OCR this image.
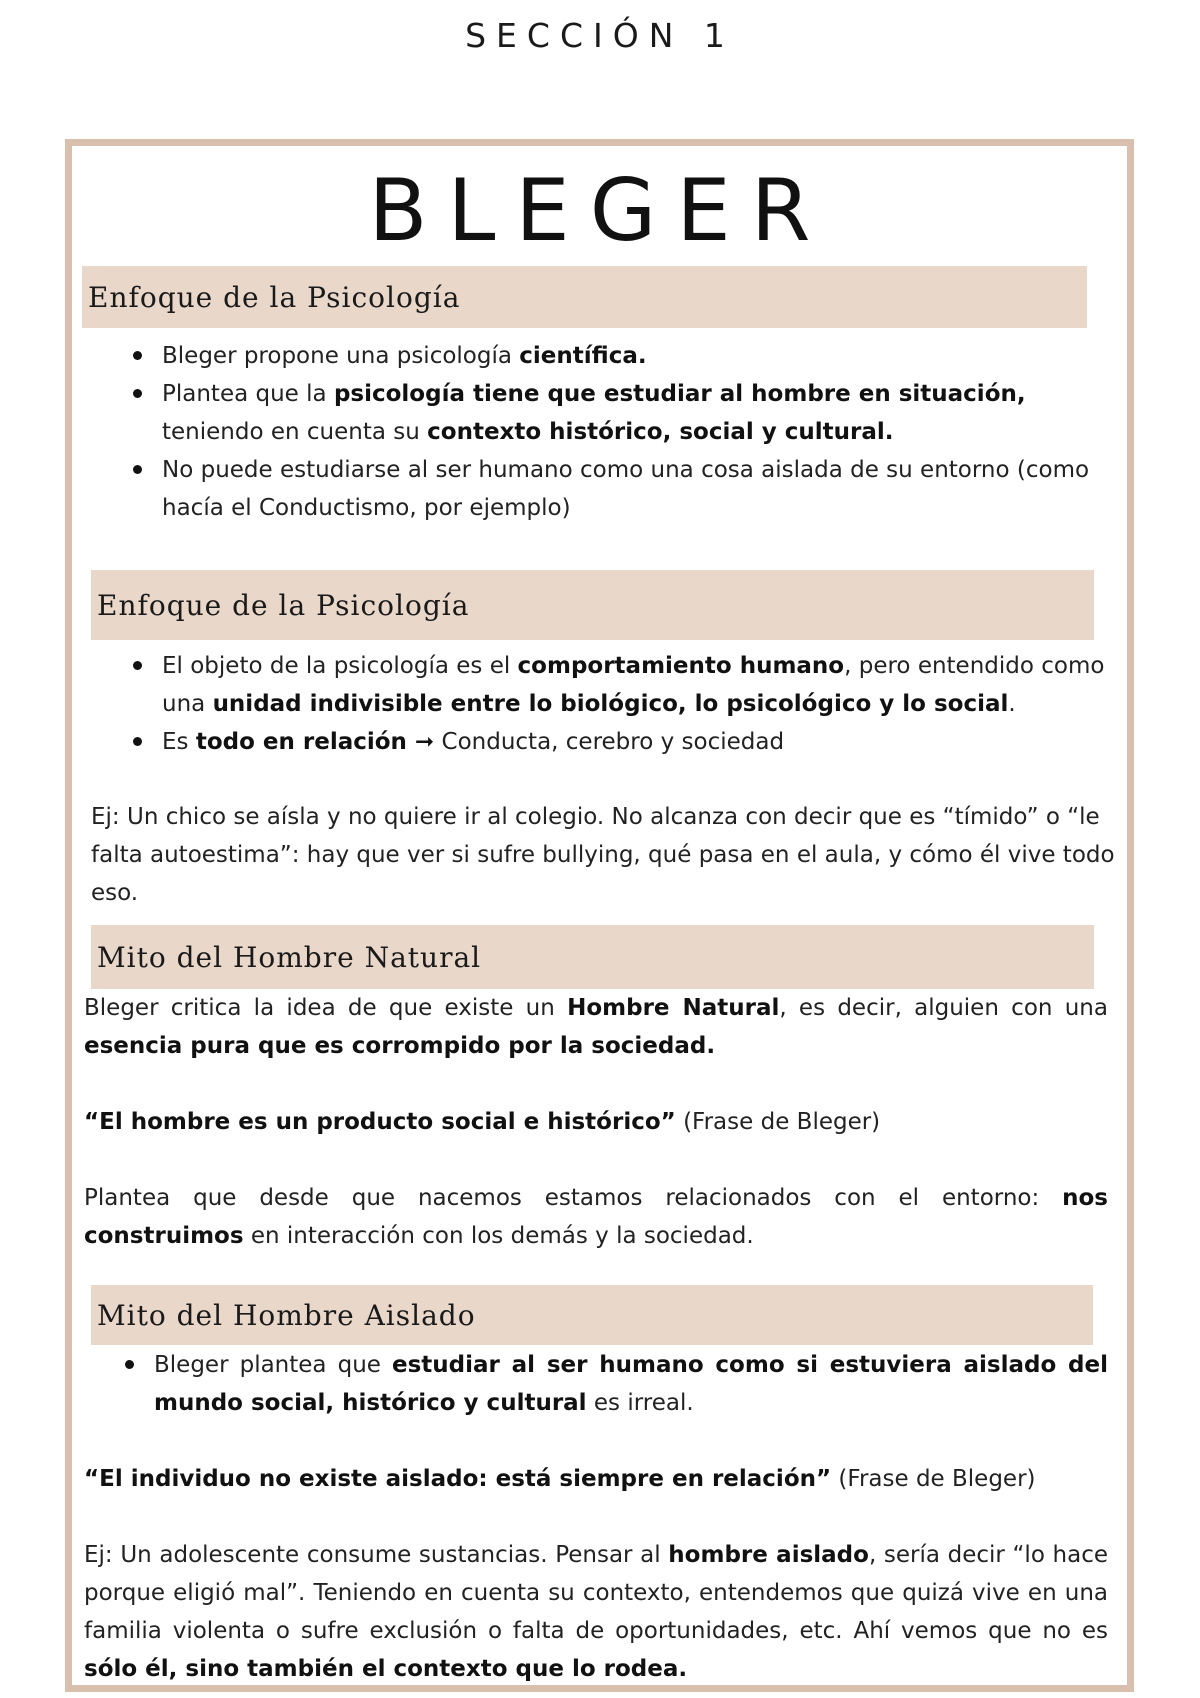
SECCIÓN 1
BLEGER
Enfoque de la Psicología
Bleger propone una psicología científica.
Plantea que la psicología tiene que estudiar al hombre en situación, teniendo en cuenta su contexto histórico, social y cultural.
No puede estudiarse al ser humano como una cosa aislada de su entorno (como hacía el Conductismo, por ejemplo)
Enfoque de la Psicología
El objeto de la psicología es el comportamiento humano, pero entendido como una unidad indivisible entre lo biológico, lo psicológico y lo social.
Es todo en relación ➞ Conducta, cerebro y sociedad

Ej: Un chico se aísla y no quiere ir al colegio. No alcanza con decir que es “tímido” o “le falta autoestima”: hay que ver si sufre bullying, qué pasa en el aula, y cómo él vive todo eso.

Mito del Hombre Natural

Bleger critica la idea de que existe un Hombre Natural, es decir, alguien con una esencia pura que es corrompido por la sociedad.

“El hombre es un producto social e histórico” (Frase de Bleger)

Plantea que desde que nacemos estamos relacionados con el entorno: nos construimos en interacción con los demás y la sociedad.

Mito del Hombre Aislado
Bleger plantea que estudiar al ser humano como si estuviera aislado del mundo social, histórico y cultural es irreal.

“El individuo no existe aislado: está siempre en relación” (Frase de Bleger)

Ej: Un adolescente consume sustancias. Pensar al hombre aislado, sería decir “lo hace porque eligió mal”. Teniendo en cuenta su contexto, entendemos que quizá vive en una familia violenta o sufre exclusión o falta de oportunidades, etc. Ahí vemos que no es sólo él, sino también el contexto que lo rodea.
